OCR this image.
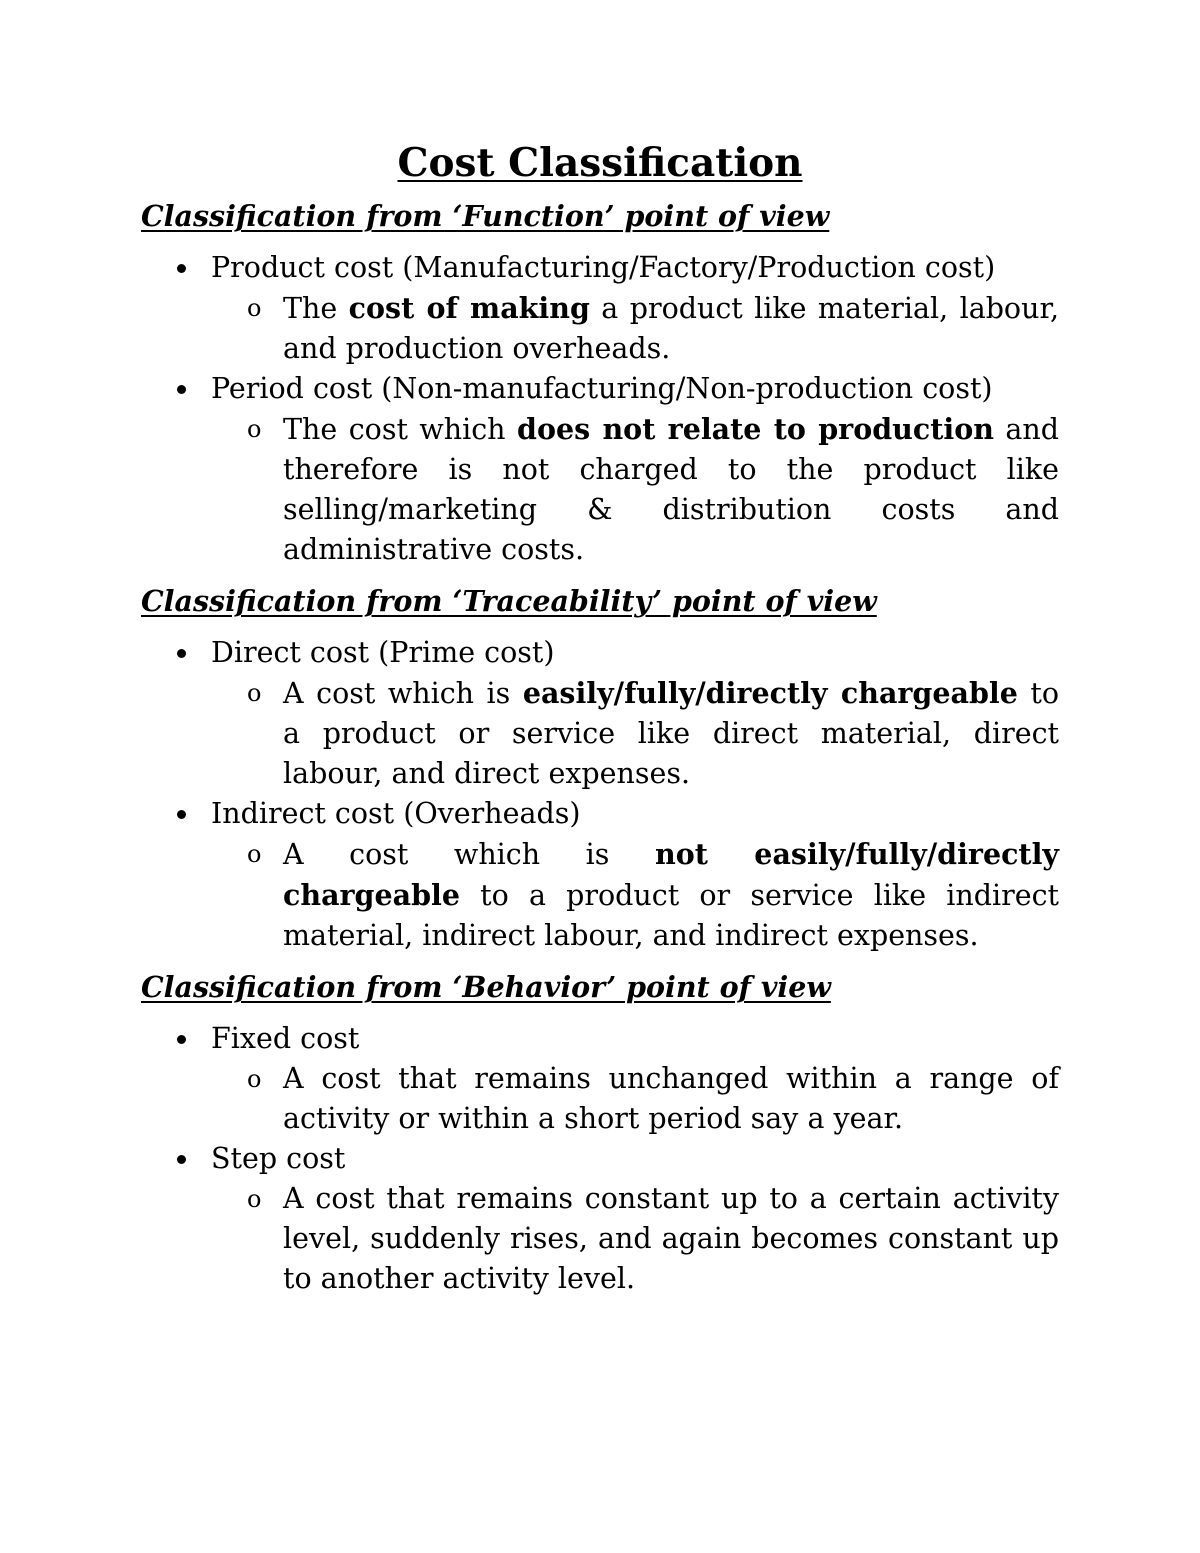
Cost Classification
Classification from ‘Function’ point of view

Product cost (Manufacturing/Factory/Production cost)

o The cost of making a product like material, labour, and production overheads.

Period cost (Non-manufacturing/Non-production cost)

o The cost which does not relate to production and therefore is not charged to the product like selling/marketing & distribution costs and administrative costs.

Classification from ‘Traceability’ point of view

Direct cost (Prime cost)

o A cost which is easily/fully/directly chargeable to a product or service like direct material, direct labour, and direct expenses.

Indirect cost (Overheads)

o A cost which is not easily/fully/directly chargeable to a product or service like indirect material, indirect labour, and indirect expenses.

Classification from ‘Behavior’ point of view

Fixed cost

o A cost that remains unchanged within a range of activity or within a short period say a year.

Step cost

o A cost that remains constant up to a certain activity level, suddenly rises, and again becomes constant up to another activity level.
